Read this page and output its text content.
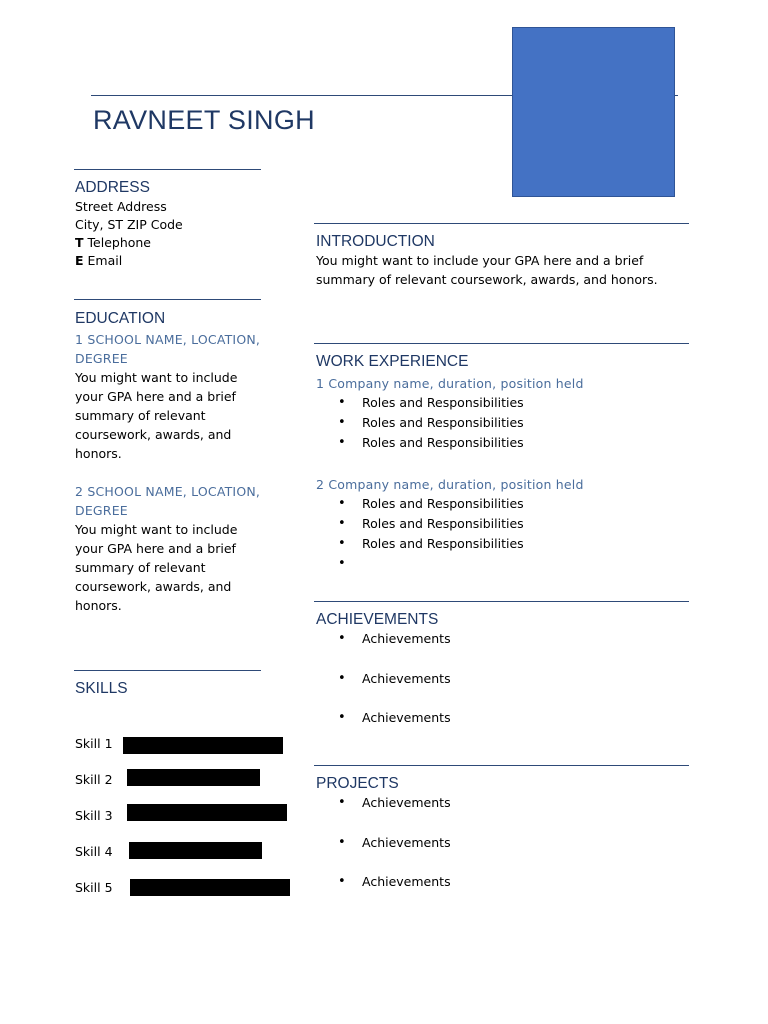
RAVNEET SINGH
ADDRESS
Street Address
City, ST ZIP Code
T Telephone
E Email
EDUCATION
1 SCHOOL NAME, LOCATION,
DEGREE
You might want to include
your GPA here and a brief
summary of relevant
coursework, awards, and
honors.
2 SCHOOL NAME, LOCATION,
DEGREE
You might want to include
your GPA here and a brief
summary of relevant
coursework, awards, and
honors.
SKILLS
Skill 1
Skill 2
Skill 3
Skill 4
Skill 5
INTRODUCTION
You might want to include your GPA here and a brief
summary of relevant coursework, awards, and honors.
WORK EXPERIENCE
1 Company name, duration, position held
• Roles and Responsibilities
• Roles and Responsibilities
• Roles and Responsibilities
2 Company name, duration, position held
• Roles and Responsibilities
• Roles and Responsibilities
• Roles and Responsibilities
•
ACHIEVEMENTS
• Achievements
• Achievements
• Achievements
PROJECTS
• Achievements
• Achievements
• Achievements
